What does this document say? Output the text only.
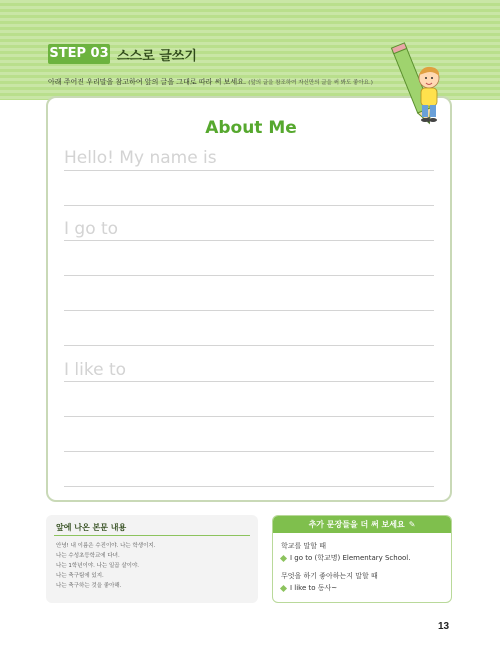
STEP 03 스스로 글쓰기
아래 주어진 우리말을 참고하여 앞의 글을 그대로 따라 써 보세요. (앞의 글을 참조하여 자신만의 글을 써 봐도 좋아요.)
About Me
Hello! My name is
I go to
I like to
앞에 나온 본문 내용
안녕! 내 이름은 수진이야. 나는 학생이지.
나는 수성초등학교에 다녀.
나는 1학년이야. 나는 일곱 살이야.
나는 축구팀에 있지.
나는 축구하는 것을 좋아해.
추가 문장들을 더 써 보세요 ✎
학교를 말할 때
I go to (학교명) Elementary School.
무엇을 하기 좋아하는지 말할 때
I like to 동사~
13
